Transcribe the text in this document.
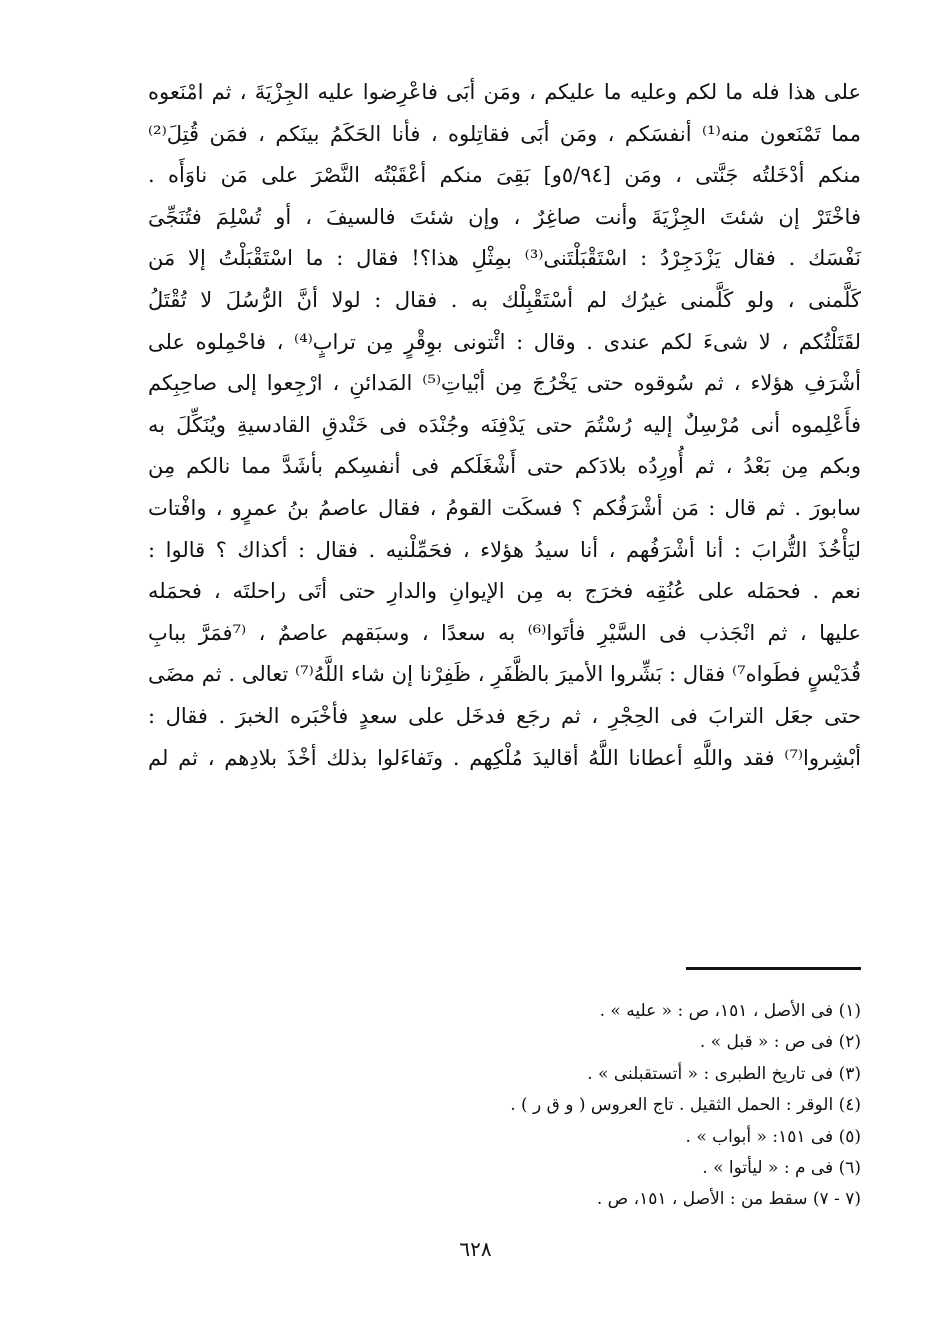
على هذا فله ما لكم وعليه ما عليكم ، ومَن أبَى فاعْرِضوا عليه الجِزْيَةَ ، ثم امْنَعوه
مما تَمْنَعون منه⁽¹⁾ أنفسَكم ، ومَن أبَى فقاتِلوه ، فأنا الحَكَمُ بينَكم ، فمَن قُتِلَ⁽²⁾
منكم أدْخَلتُه جَنَّتى ، ومَن [٥/٩٤و] بَقِىَ منكم أعْقَبْتُه النَّصْرَ على مَن ناوَأَه .
فاخْتَرْ إن شئتَ الجِزْيَةَ وأنت صاغِرٌ ، وإن شئتَ فالسيفَ ، أو تُسْلِمَ فتُنَجِّىَ
نَفْسَك . فقال يَزْدَجِرْدُ : اسْتَقْبَلْتَنى⁽³⁾ بمِثْلِ هذا؟! فقال : ما اسْتَقْبَلْتُ إلا مَن
كَلَّمنى ، ولو كَلَّمنى غيرُك لم أسْتَقْبِلْك به . فقال : لولا أنَّ الرُّسُلَ لا تُقْتَلُ
لقَتَلْتُكم ، لا شىءَ لكم عندى . وقال : ائْتونى بوِقْرٍ مِن ترابٍ⁽⁴⁾ ، فاحْمِلوه على
أشْرَفِ هؤلاء ، ثم سُوقوه حتى يَخْرُجَ مِن أبْياتِ⁽⁵⁾ المَدائنِ ، ارْجِعوا إلى صاحِبِكم
فأَعْلِموه أنى مُرْسِلٌ إليه رُسْتُمَ حتى يَدْفِنَه وجُنْدَه فى خَنْدقِ القادسيةِ ويُنَكِّلَ به
وبكم مِن بَعْدُ ، ثم أُورِدُه بلادَكم حتى أَشْغَلَكم فى أنفسِكم بأشَدَّ مما نالكم مِن
سابورَ . ثم قال : مَن أشْرَفُكم ؟ فسكَت القومُ ، فقال عاصمُ بنُ عمرٍو ، وافْتات
ليَأْخُذَ التُّرابَ : أنا أشْرَفُهم ، أنا سيدُ هؤلاء ، فحَمِّلْنيه . فقال : أكذاك ؟ قالوا :
نعم . فحمَله على عُنُقِه فخرَج به مِن الإيوانِ والدارِ حتى أتَى راحلتَه ، فحمَله
عليها ، ثم انْجَذب فى السَّيْرِ فأتَوا⁽⁶⁾ به سعدًا ، وسبَقهم عاصمٌ ، ⁽⁷فمَرَّ ببابِ
قُدَيْسٍ فطَواه⁷⁾ فقال : بَشِّروا الأميرَ بالظَّفَرِ ، ظَفِرْنا إن شاء اللَّهُ⁽⁷⁾ تعالى . ثم مضَى
حتى جعَل الترابَ فى الحِجْرِ ، ثم رجَع فدخَل على سعدٍ فأخْبَره الخبرَ . فقال :
أبْشِروا⁽⁷⁾ فقد واللَّهِ أعطانا اللَّهُ أقاليدَ مُلْكِهم . وتَفاءَلوا بذلك أخْذَ بلادِهم ، ثم لم
(١) فى الأصل ، ١٥١، ص : « عليه » .
(٢) فى ص : « قبل » .
(٣) فى تاريخ الطبرى : « أتستقبلنى » .
(٤) الوقر : الحمل الثقيل . تاج العروس ( و ق ر ) .
(٥) فى ١٥١: « أبواب » .
(٦) فى م : « ليأتوا » .
(٧ - ٧) سقط من : الأصل ، ١٥١، ص .
٦٢٨
